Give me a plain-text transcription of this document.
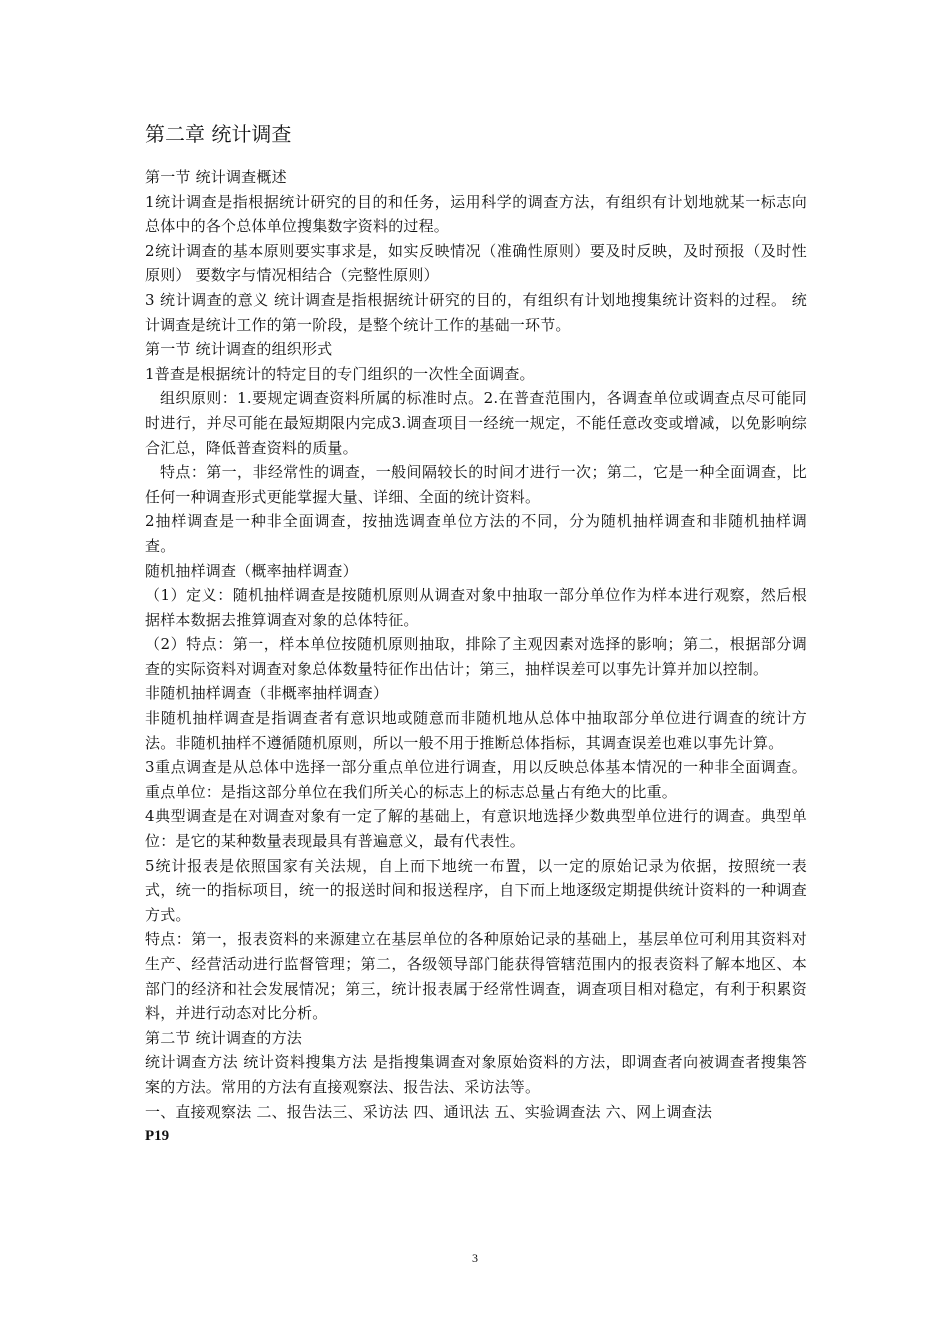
第二章 统计调查

第一节 统计调查概述

1统计调查是指根据统计研究的目的和任务，运用科学的调查方法，有组织有计划地就某一标志向总体中的各个总体单位搜集数字资料的过程。

2统计调查的基本原则要实事求是，如实反映情况（准确性原则）要及时反映，及时预报（及时性原则） 要数字与情况相结合（完整性原则）

3 统计调查的意义 统计调查是指根据统计研究的目的，有组织有计划地搜集统计资料的过程。 统计调查是统计工作的第一阶段，是整个统计工作的基础一环节。

第一节 统计调查的组织形式

1普查是根据统计的特定目的专门组织的一次性全面调查。

组织原则：1.要规定调查资料所属的标准时点。2.在普查范围内，各调查单位或调查点尽可能同时进行，并尽可能在最短期限内完成3.调查项目一经统一规定，不能任意改变或增减，以免影响综合汇总，降低普查资料的质量。

特点：第一，非经常性的调查，一般间隔较长的时间才进行一次；第二，它是一种全面调查，比任何一种调查形式更能掌握大量、详细、全面的统计资料。

2抽样调查是一种非全面调查，按抽选调查单位方法的不同，分为随机抽样调查和非随机抽样调查。

随机抽样调查（概率抽样调查）

（1）定义：随机抽样调查是按随机原则从调查对象中抽取一部分单位作为样本进行观察，然后根据样本数据去推算调查对象的总体特征。

（2）特点：第一，样本单位按随机原则抽取，排除了主观因素对选择的影响；第二，根据部分调查的实际资料对调查对象总体数量特征作出估计；第三，抽样误差可以事先计算并加以控制。

非随机抽样调查（非概率抽样调查）

非随机抽样调查是指调查者有意识地或随意而非随机地从总体中抽取部分单位进行调查的统计方法。非随机抽样不遵循随机原则，所以一般不用于推断总体指标，其调查误差也难以事先计算。

3重点调查是从总体中选择一部分重点单位进行调查，用以反映总体基本情况的一种非全面调查。重点单位：是指这部分单位在我们所关心的标志上的标志总量占有绝大的比重。

4典型调查是在对调查对象有一定了解的基础上，有意识地选择少数典型单位进行的调查。典型单位：是它的某种数量表现最具有普遍意义，最有代表性。

5统计报表是依照国家有关法规，自上而下地统一布置，以一定的原始记录为依据，按照统一表式，统一的指标项目，统一的报送时间和报送程序，自下而上地逐级定期提供统计资料的一种调查方式。

特点：第一，报表资料的来源建立在基层单位的各种原始记录的基础上，基层单位可利用其资料对生产、经营活动进行监督管理；第二，各级领导部门能获得管辖范围内的报表资料了解本地区、本部门的经济和社会发展情况；第三，统计报表属于经常性调查，调查项目相对稳定，有利于积累资料，并进行动态对比分析。

第二节 统计调查的方法

统计调查方法 统计资料搜集方法 是指搜集调查对象原始资料的方法，即调查者向被调查者搜集答案的方法。常用的方法有直接观察法、报告法、采访法等。

一、直接观察法 二、报告法三、采访法 四、通讯法 五、实验调查法 六、网上调查法

P19

3
